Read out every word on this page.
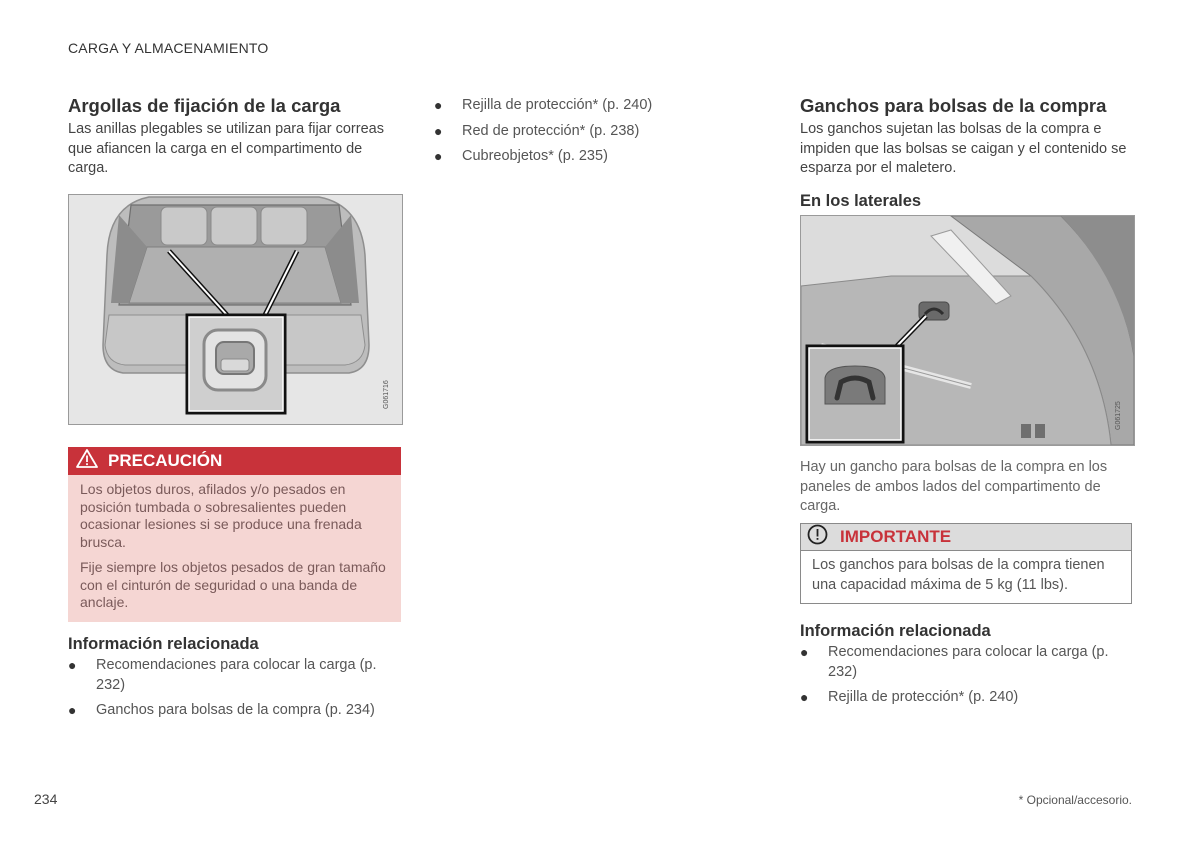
CARGA Y ALMACENAMIENTO
Argollas de fijación de la carga
Las anillas plegables se utilizan para fijar correas que afiancen la carga en el compartimento de carga.
G061716
PRECAUCIÓN

Los objetos duros, afilados y/o pesados en posición tumbada o sobresalientes pueden ocasionar lesiones si se produce una frenada brusca.

Fije siempre los objetos pesados de gran tamaño con el cinturón de seguridad o una banda de anclaje.

Información relacionada
● Recomendaciones para colocar la carga (p. 232)
● Ganchos para bolsas de la compra (p. 234)
● Rejilla de protección* (p. 240)
● Red de protección* (p. 238)
● Cubreobjetos* (p. 235)
Ganchos para bolsas de la compra
Los ganchos sujetan las bolsas de la compra e impiden que las bolsas se caigan y el contenido se esparza por el maletero.
En los laterales
G061725
Hay un gancho para bolsas de la compra en los paneles de ambos lados del compartimento de carga.
IMPORTANTE
Los ganchos para bolsas de la compra tienen una capacidad máxima de 5 kg (11 lbs).
Información relacionada
● Recomendaciones para colocar la carga (p. 232)
● Rejilla de protección* (p. 240)
234	* Opcional/accesorio.
